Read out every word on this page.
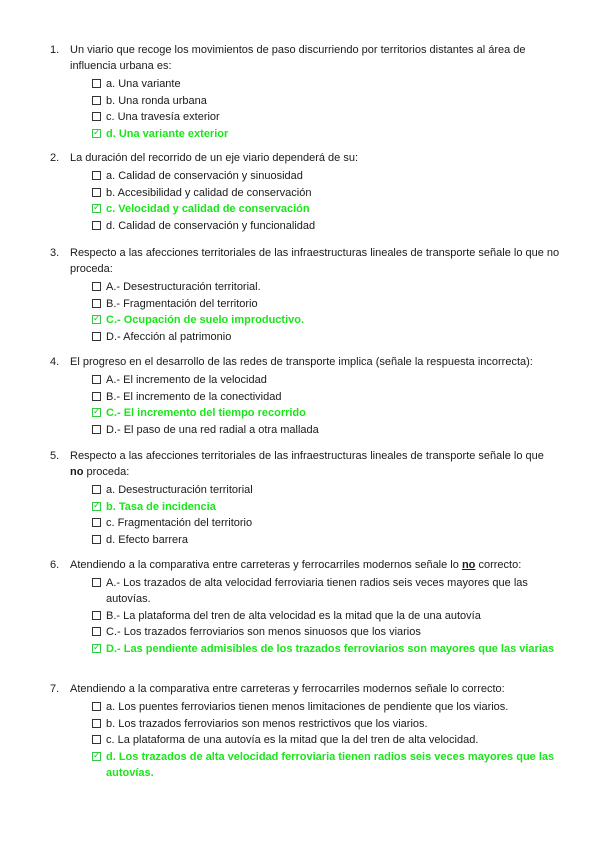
1. Un viario que recoge los movimientos de paso discurriendo por territorios distantes al área de influencia urbana es:
a. Una variante
b. Una ronda urbana
c. Una travesía exterior
✓ d. Una variante exterior
2. La duración del recorrido de un eje viario dependerá de su:
a. Calidad de conservación y sinuosidad
b. Accesibilidad y calidad de conservación
✓ c. Velocidad y calidad de conservación
d. Calidad de conservación y funcionalidad
3. Respecto a las afecciones territoriales de las infraestructuras lineales de transporte señale lo que no proceda:
A.- Desestructuración territorial.
B.- Fragmentación del territorio
✓ C.- Ocupación de suelo improductivo.
D.- Afección al patrimonio
4. El progreso en el desarrollo de las redes de transporte implica (señale la respuesta incorrecta):
A.- El incremento de la velocidad
B.- El incremento de la conectividad
✓ C.- El incremento del tiempo recorrido
D.- El paso de una red radial a otra mallada
5. Respecto a las afecciones territoriales de las infraestructuras lineales de transporte señale lo que no proceda:
a. Desestructuración territorial
✓ b. Tasa de incidencia
c. Fragmentación del territorio
d. Efecto barrera
6. Atendiendo a la comparativa entre carreteras y ferrocarriles modernos señale lo no correcto:
A.- Los trazados de alta velocidad ferroviaria tienen radios seis veces mayores que las autovías.
B.- La plataforma del tren de alta velocidad es la mitad que la de una autovía
C.- Los trazados ferroviarios son menos sinuosos que los viarios
✓ D.- Las pendiente admisibles de los trazados ferroviarios son mayores que las viarias
7. Atendiendo a la comparativa entre carreteras y ferrocarriles modernos señale lo correcto:
a. Los puentes ferroviarios tienen menos limitaciones de pendiente que los viarios.
b. Los trazados ferroviarios son menos restrictivos que los viarios.
c. La plataforma de una autovía es la mitad que la del tren de alta velocidad.
✓ d. Los trazados de alta velocidad ferroviaria tienen radios seis veces mayores que las autovías.
